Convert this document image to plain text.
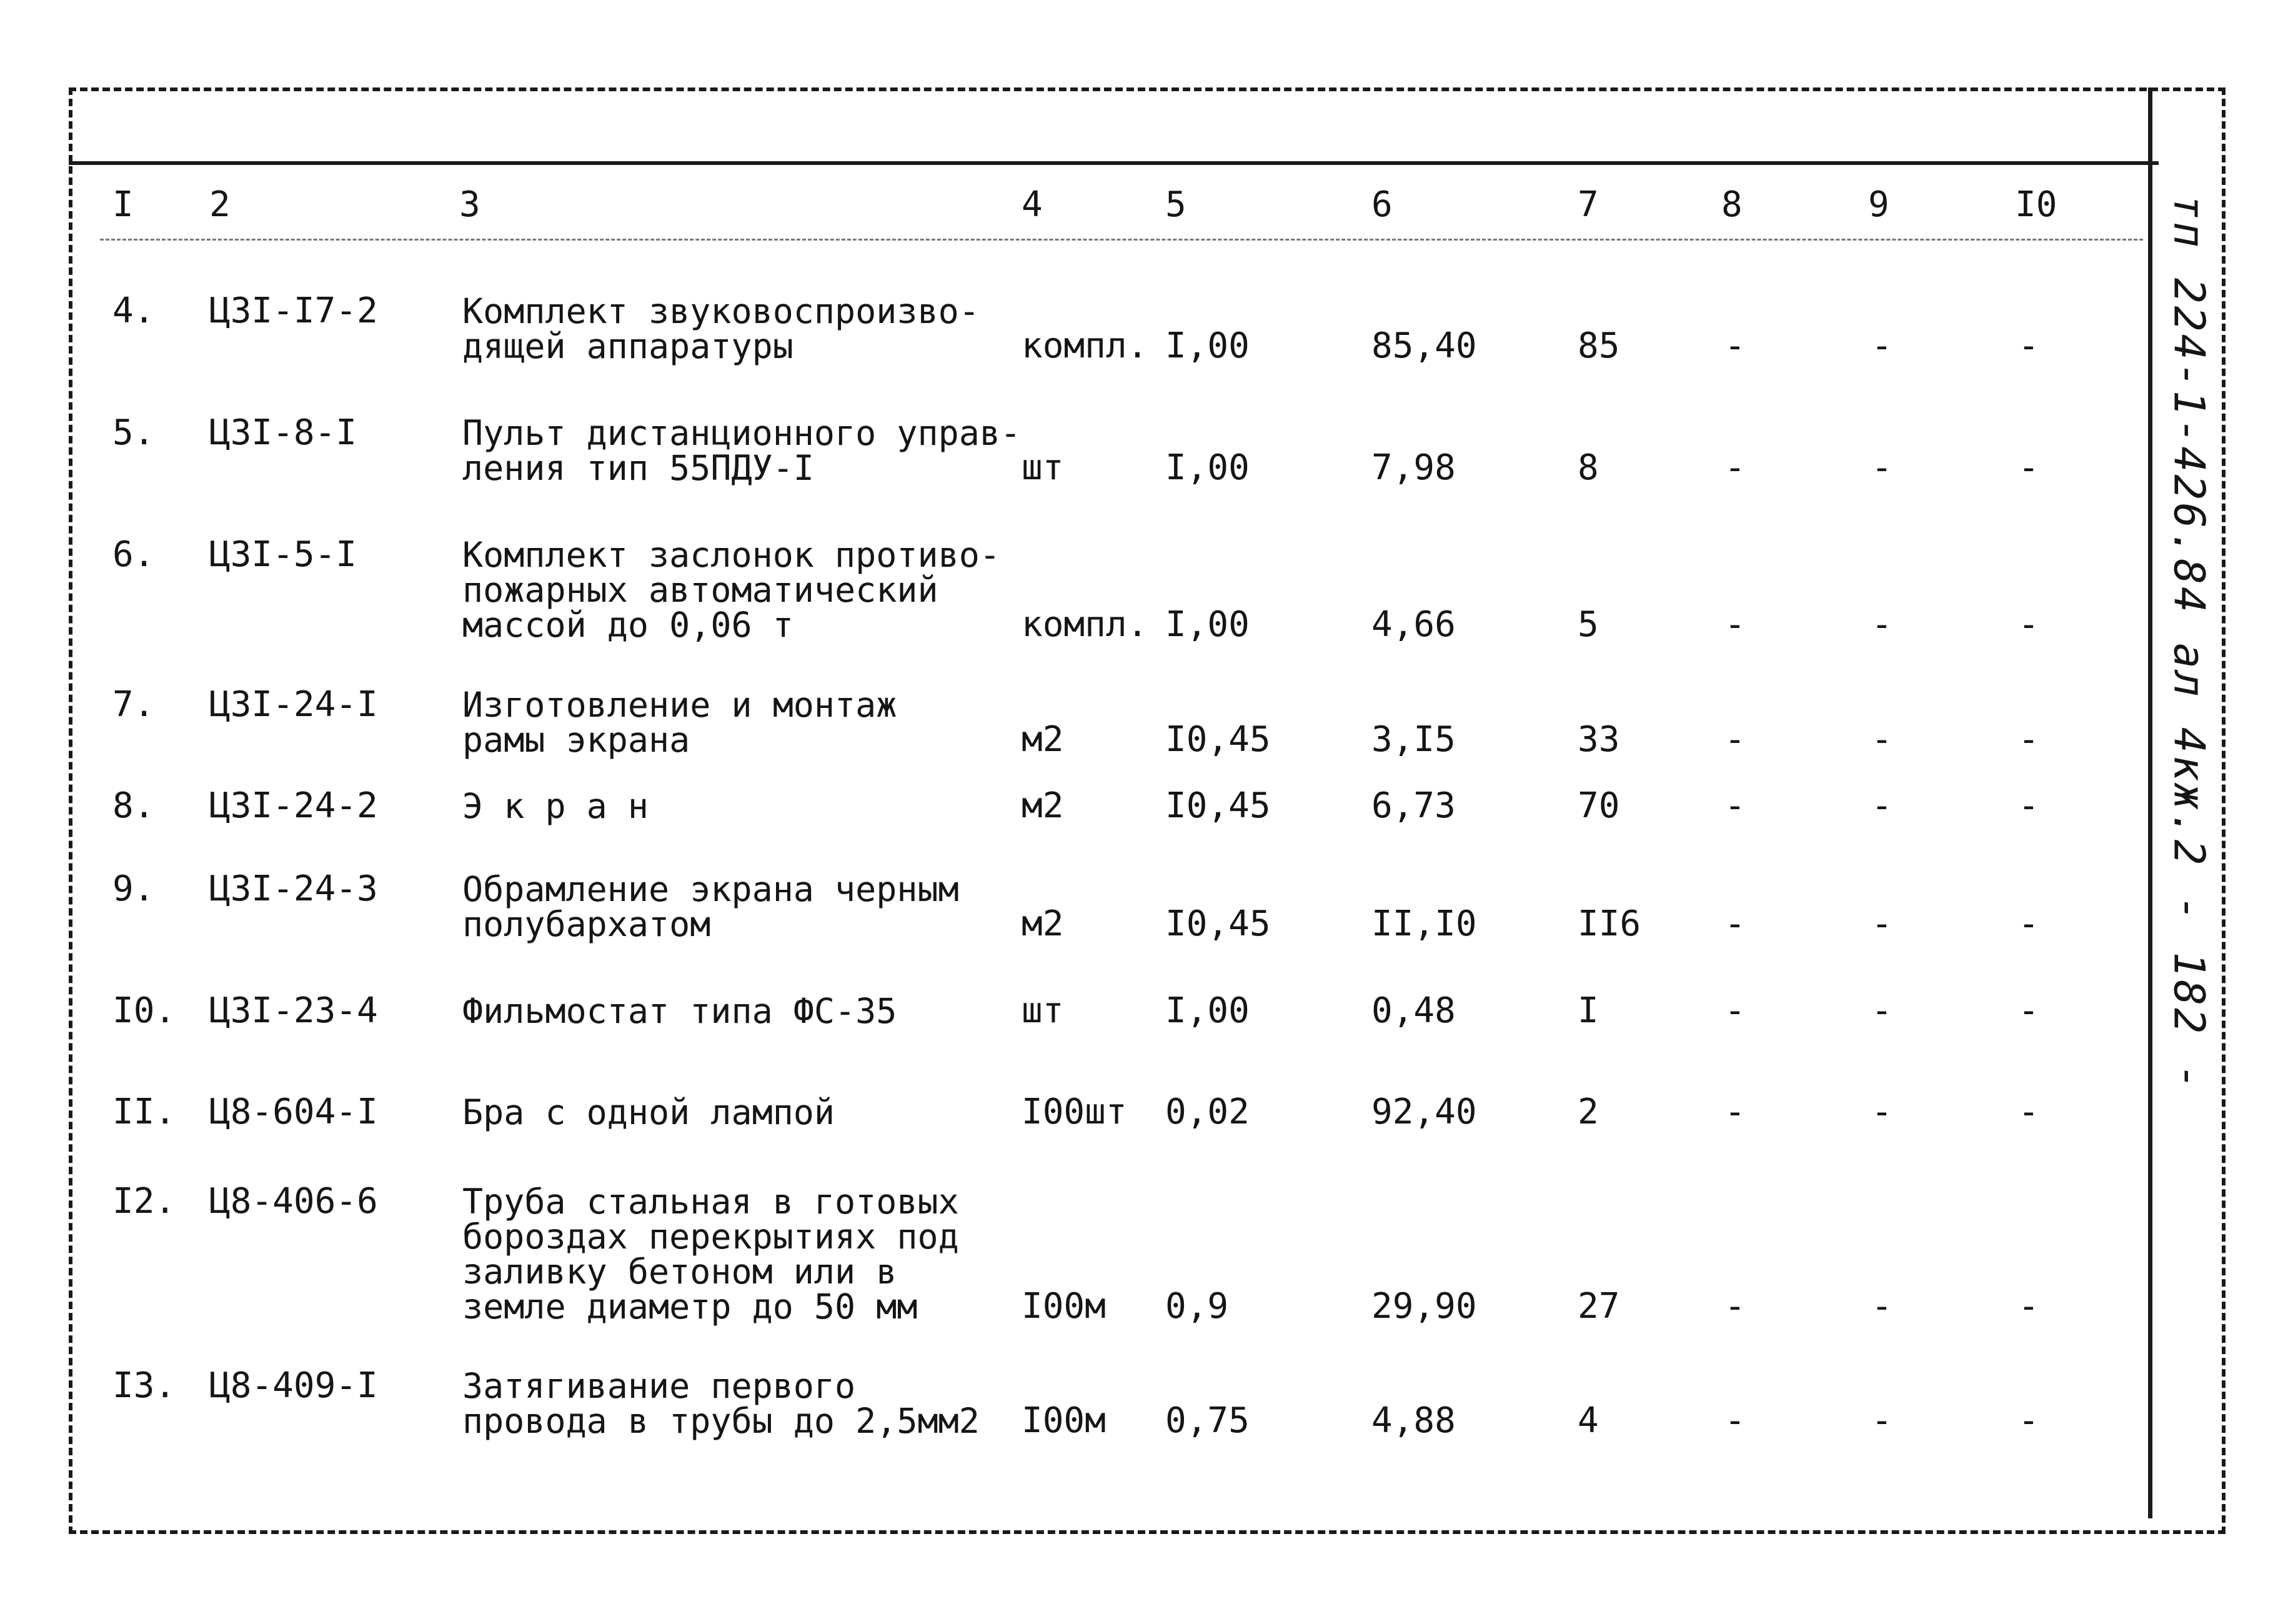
тп 224-1-426.84 ал 4кж.2 - 182 -
I 2	3	4	5	6	7	8	9	I0
4. Ц3I-I7-2 Комплект звуковоспроизво-
дящей аппаратуры	компл. I,00	85,40	85	-	-	-
5. Ц3I-8-I	Пульт дистанционного управ-
ления тип 55ПДУ-I	шт	I,00	7,98	8	-	-	-
6. Ц3I-5-I	Комплект заслонок противо-
пожарных автоматический
массой до 0,06 т	компл. I,00	4,66	5	-	-	-
7. Ц3I-24-I Изготовление и монтаж
рамы экрана	м2	I0,45	3,I5	33	-	-	-
8. Ц3I-24-2 Э к р а н	м2	I0,45	6,73	70	-	-	-
9. Ц3I-24-3 Обрамление экрана черным
полубархатом	м2	I0,45	II,I0	II6 -	-	-
I0. Ц3I-23-4 Фильмостат типа ФС-35	шт	I,00	0,48	I	-	-	-
II. Ц8-604-I Бра с одной лампой	I00шт 0,02	92,40	2	-	-	-
I2. Ц8-406-6 Труба стальная в готовых
бороздах перекрытиях под
заливку бетоном или в
земле диаметр до 50 мм	I00м 0,9	29,90	27	-	-	-
I3. Ц8-409-I Затягивание первого
провода в трубы до 2,5мм2 I00м 0,75	4,88	4	-	-	-
